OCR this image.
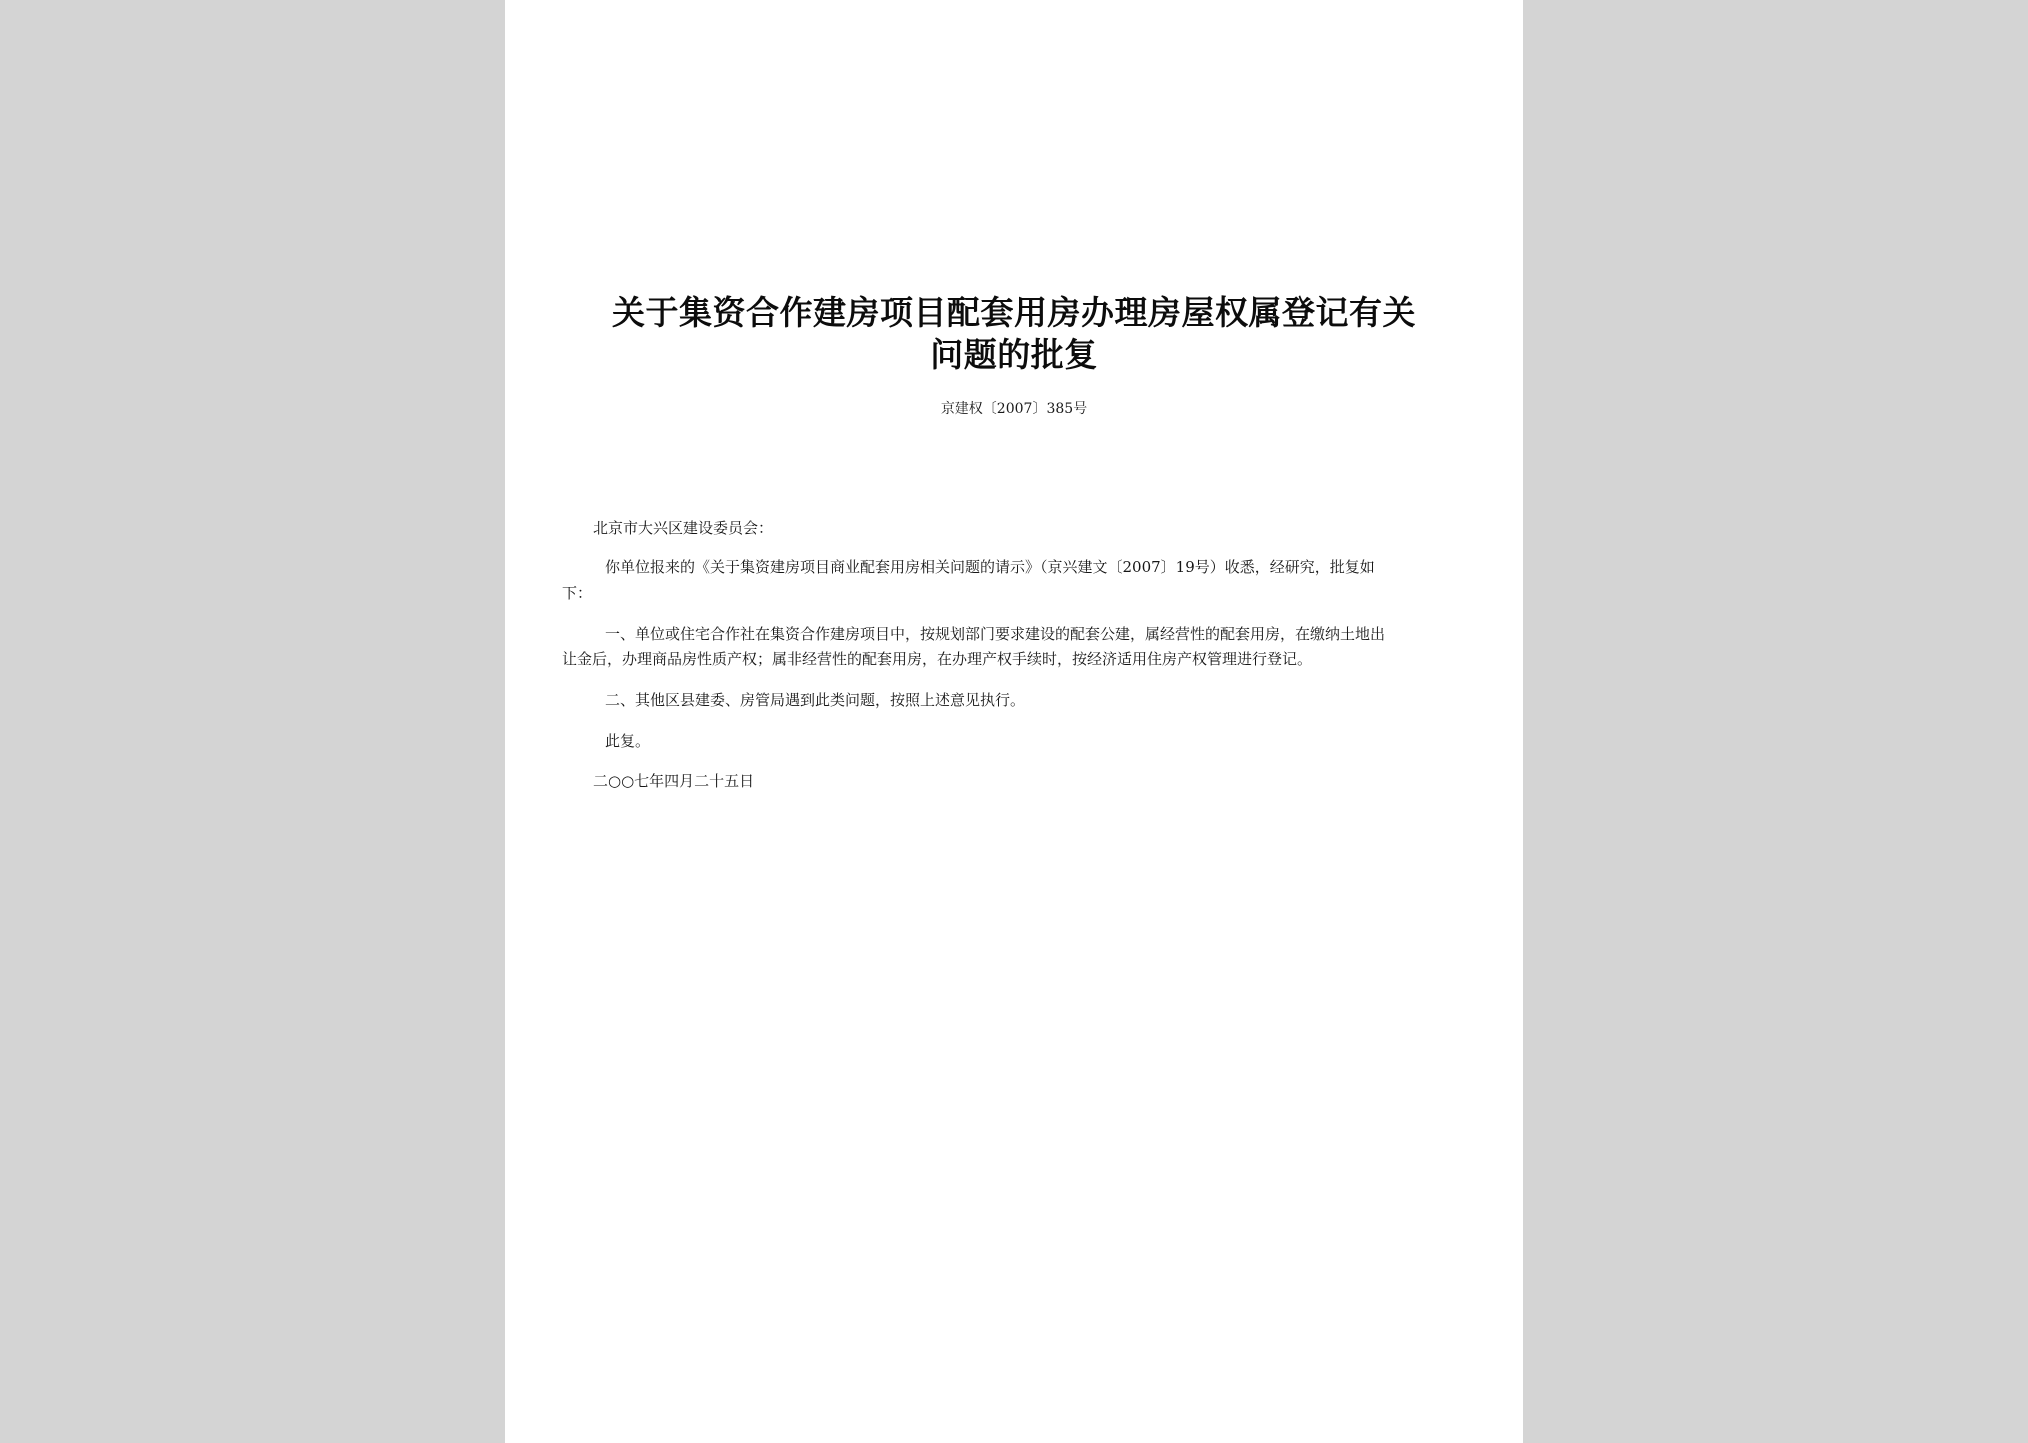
关于集资合作建房项目配套用房办理房屋权属登记有关
问题的批复
京建权〔2007〕385号

北京市大兴区建设委员会：

你单位报来的《关于集资建房项目商业配套用房相关问题的请示》（京兴建文〔2007〕19号）收悉，经研究，批复如

下：

一、单位或住宅合作社在集资合作建房项目中，按规划部门要求建设的配套公建，属经营性的配套用房，在缴纳土地出

让金后，办理商品房性质产权；属非经营性的配套用房，在办理产权手续时，按经济适用住房产权管理进行登记。

二、其他区县建委、房管局遇到此类问题，按照上述意见执行。

此复。

二○○七年四月二十五日
